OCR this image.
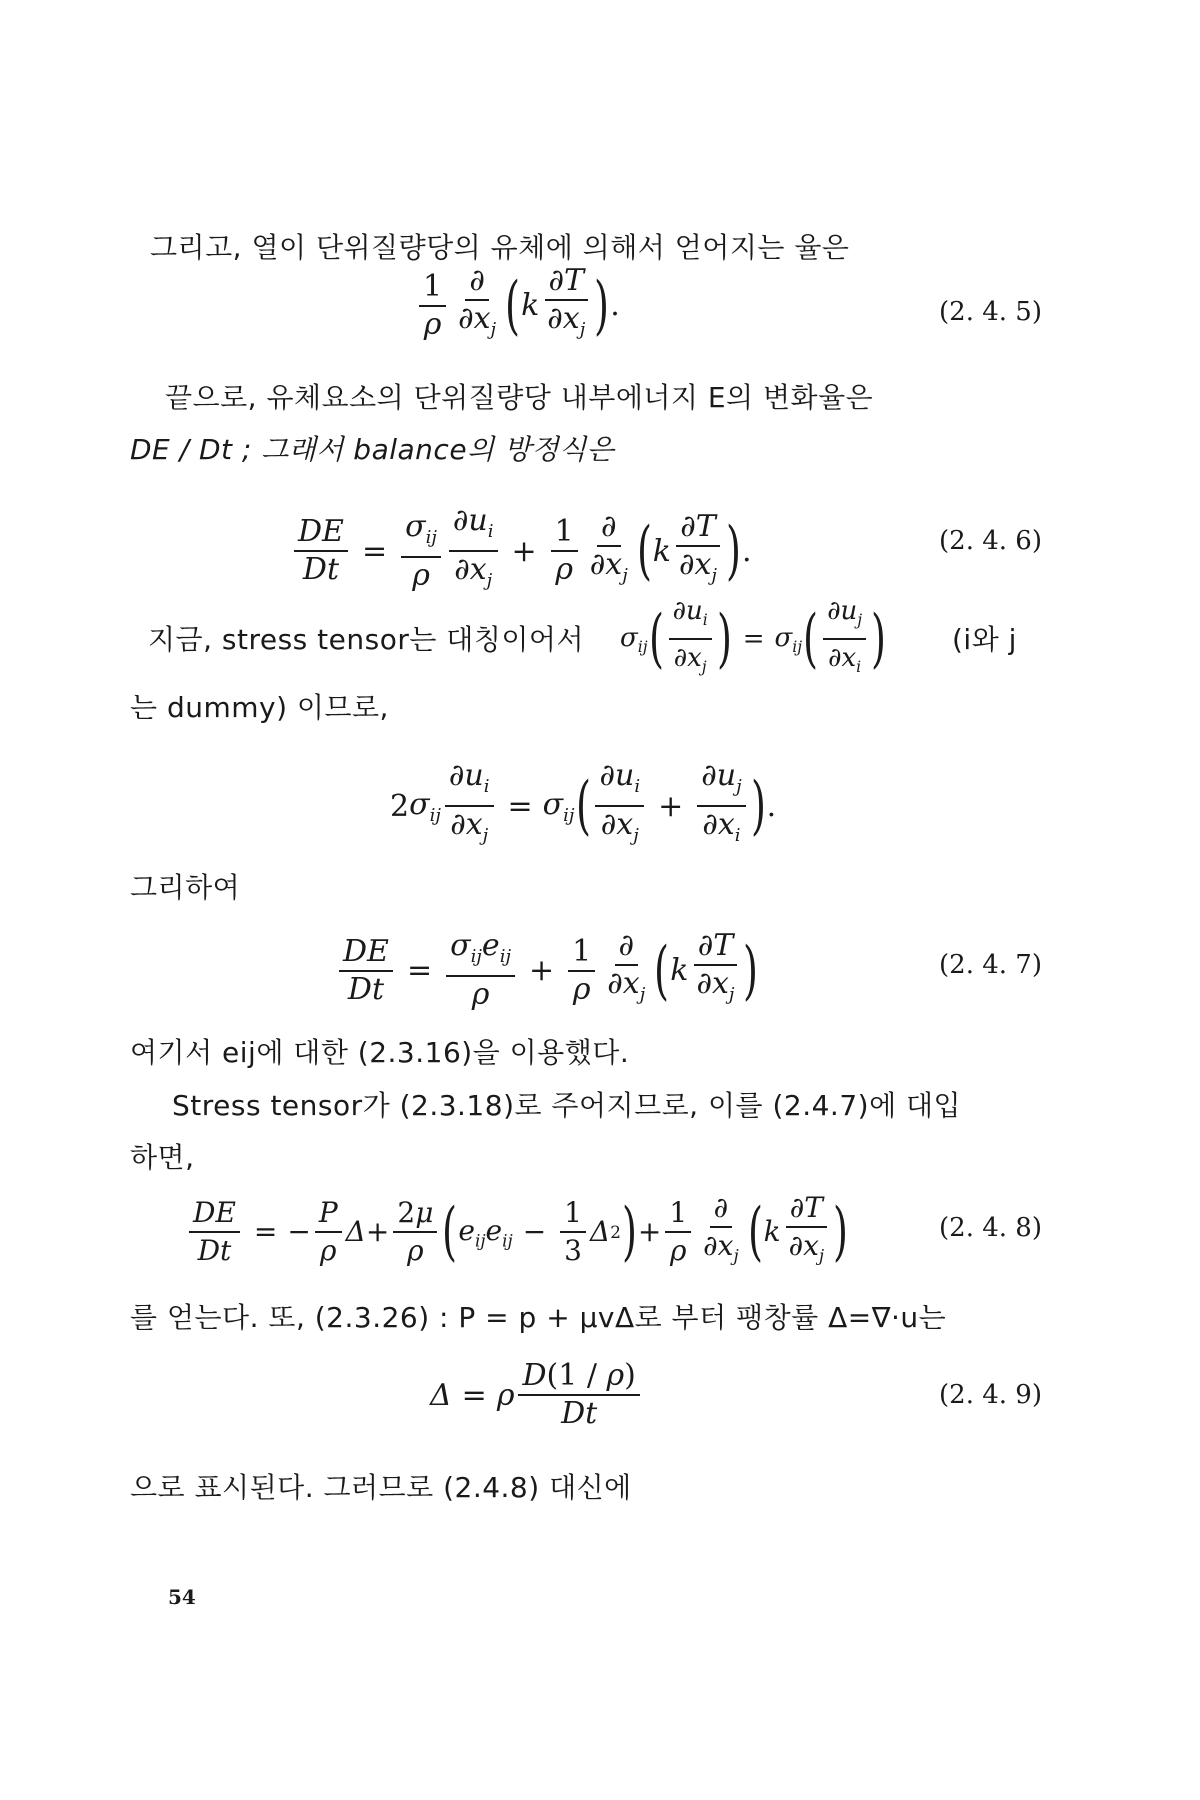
그리고, 열이 단위질량당의 유체에 의해서 얻어지는 율은
$\frac{1}{\rho} \frac{\partial}{\partial x_j}$ ( k $\frac{\partial T}{\partial x_j}$ ) .	(2. 4. 5)
끝으로, 유체요소의 단위질량당 내부에너지 E의 변화율은
DE / Dt ; 그래서 balance의 방정식은
$\frac{DE}{Dt} = \frac{\sigma_{ij}}{\rho} \frac{\partial u_i}{\partial x_j} + \frac{1}{\rho} \frac{\partial}{\partial x_j}$ ( k $\frac{\partial T}{\partial x_j}$ ) .	(2. 4. 6)
지금, stress tensor는 대칭이어서 $\sigma_{ij}$ ( $\frac{\partial u_i}{\partial x_j}$ ) = $\sigma_{ij}$ ( $\frac{\partial u_j}{\partial x_i}$ ) (i와 j
는 dummy) 이므로,
2 $\sigma_{ij} \frac{\partial u_i}{\partial x_j} = \sigma_{ij}$ ( $\frac{\partial u_i}{\partial x_j} + \frac{\partial u_j}{\partial x_i}$ ) .
그리하여
$\frac{DE}{Dt} = \frac{\sigma_{ij}e_{ij}}{\rho} + \frac{1}{\rho} \frac{\partial}{\partial x_j}$ ( k $\frac{\partial T}{\partial x_j}$ )	(2. 4. 7)
여기서 eij에 대한 (2.3.16)을 이용했다.
Stress tensor가 (2.3.18)로 주어지므로, 이를 (2.4.7)에 대입
하면,
$\frac{DE}{Dt}$ = − $\frac{P}{\rho}$ $\Delta + \frac{2\mu}{\rho}$ ( $e_{ij}e_{ij} - \frac{1}{3}$ Δ 2 ) + $\frac{1}{\rho} \frac{\partial}{\partial x_j}$ ( k $\frac{\partial T}{\partial x_j}$ )	(2. 4. 8)
를 얻는다. 또, (2.3.26) : P = p + μvΔ로 부터 팽창률 Δ=∇·u는
Δ = ρ $\frac{D(1 / \rho)}{Dt}$	(2. 4. 9)
으로 표시된다. 그러므로 (2.4.8) 대신에
54
